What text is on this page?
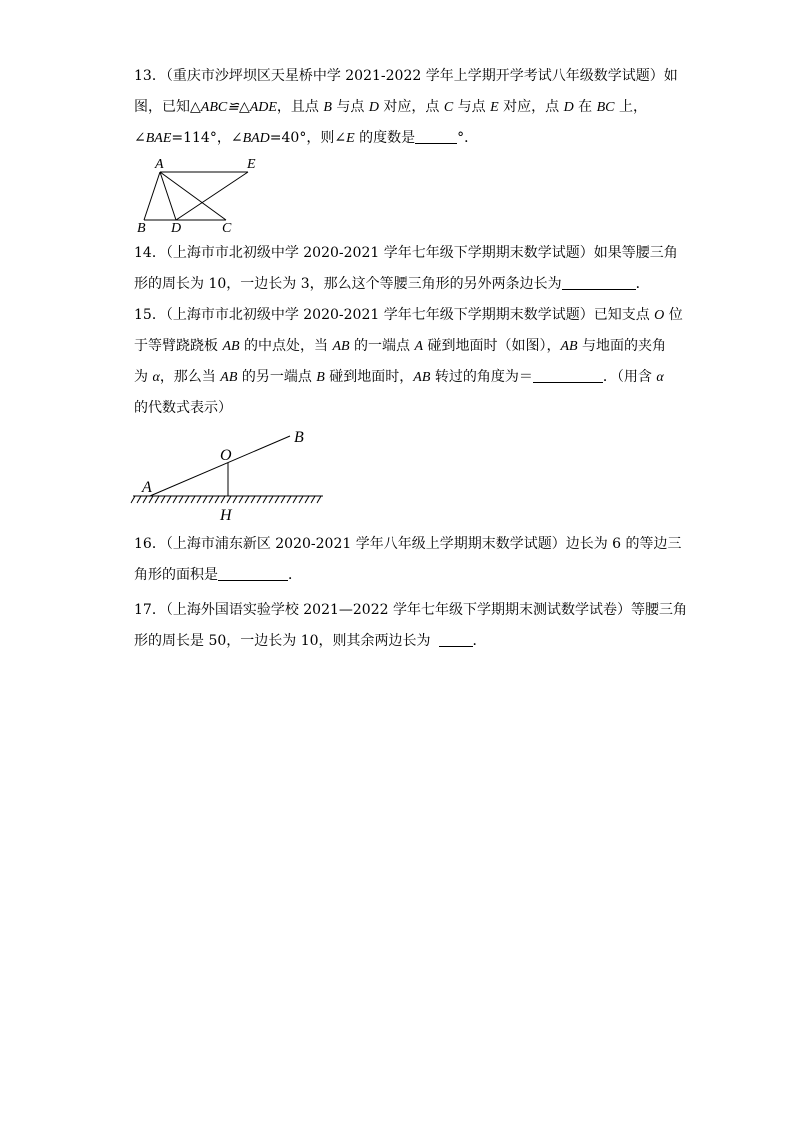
13．（重庆市沙坪坝区天星桥中学 2021-2022 学年上学期开学考试八年级数学试题）如
图，已知△ABC≌△ADE，且点 B 与点 D 对应，点 C 与点 E 对应，点 D 在 BC 上，
∠BAE=114°，∠BAD=40°，则∠E 的度数是	°．
A	E
B D	C
14．（上海市市北初级中学 2020-2021 学年七年级下学期期末数学试题）如果等腰三角
形的周长为 10，一边长为 3，那么这个等腰三角形的另外两条边长为	．
15．（上海市市北初级中学 2020-2021 学年七年级下学期期末数学试题）已知支点 O 位
于等臂跷跷板 AB 的中点处，当 AB 的一端点 A 碰到地面时（如图），AB 与地面的夹角
为 α，那么当 AB 的另一端点 B 碰到地面时，AB 转过的角度为＝	．（用含 α
的代数式表示）
A
O
B
H
16．（上海市浦东新区 2020-2021 学年八年级上学期期末数学试题）边长为 6 的等边三
角形的面积是	．
17．（上海外国语实验学校 2021—2022 学年七年级下学期期末测试数学试卷）等腰三角
形的周长是 50，一边长为 10，则其余两边长为	．
